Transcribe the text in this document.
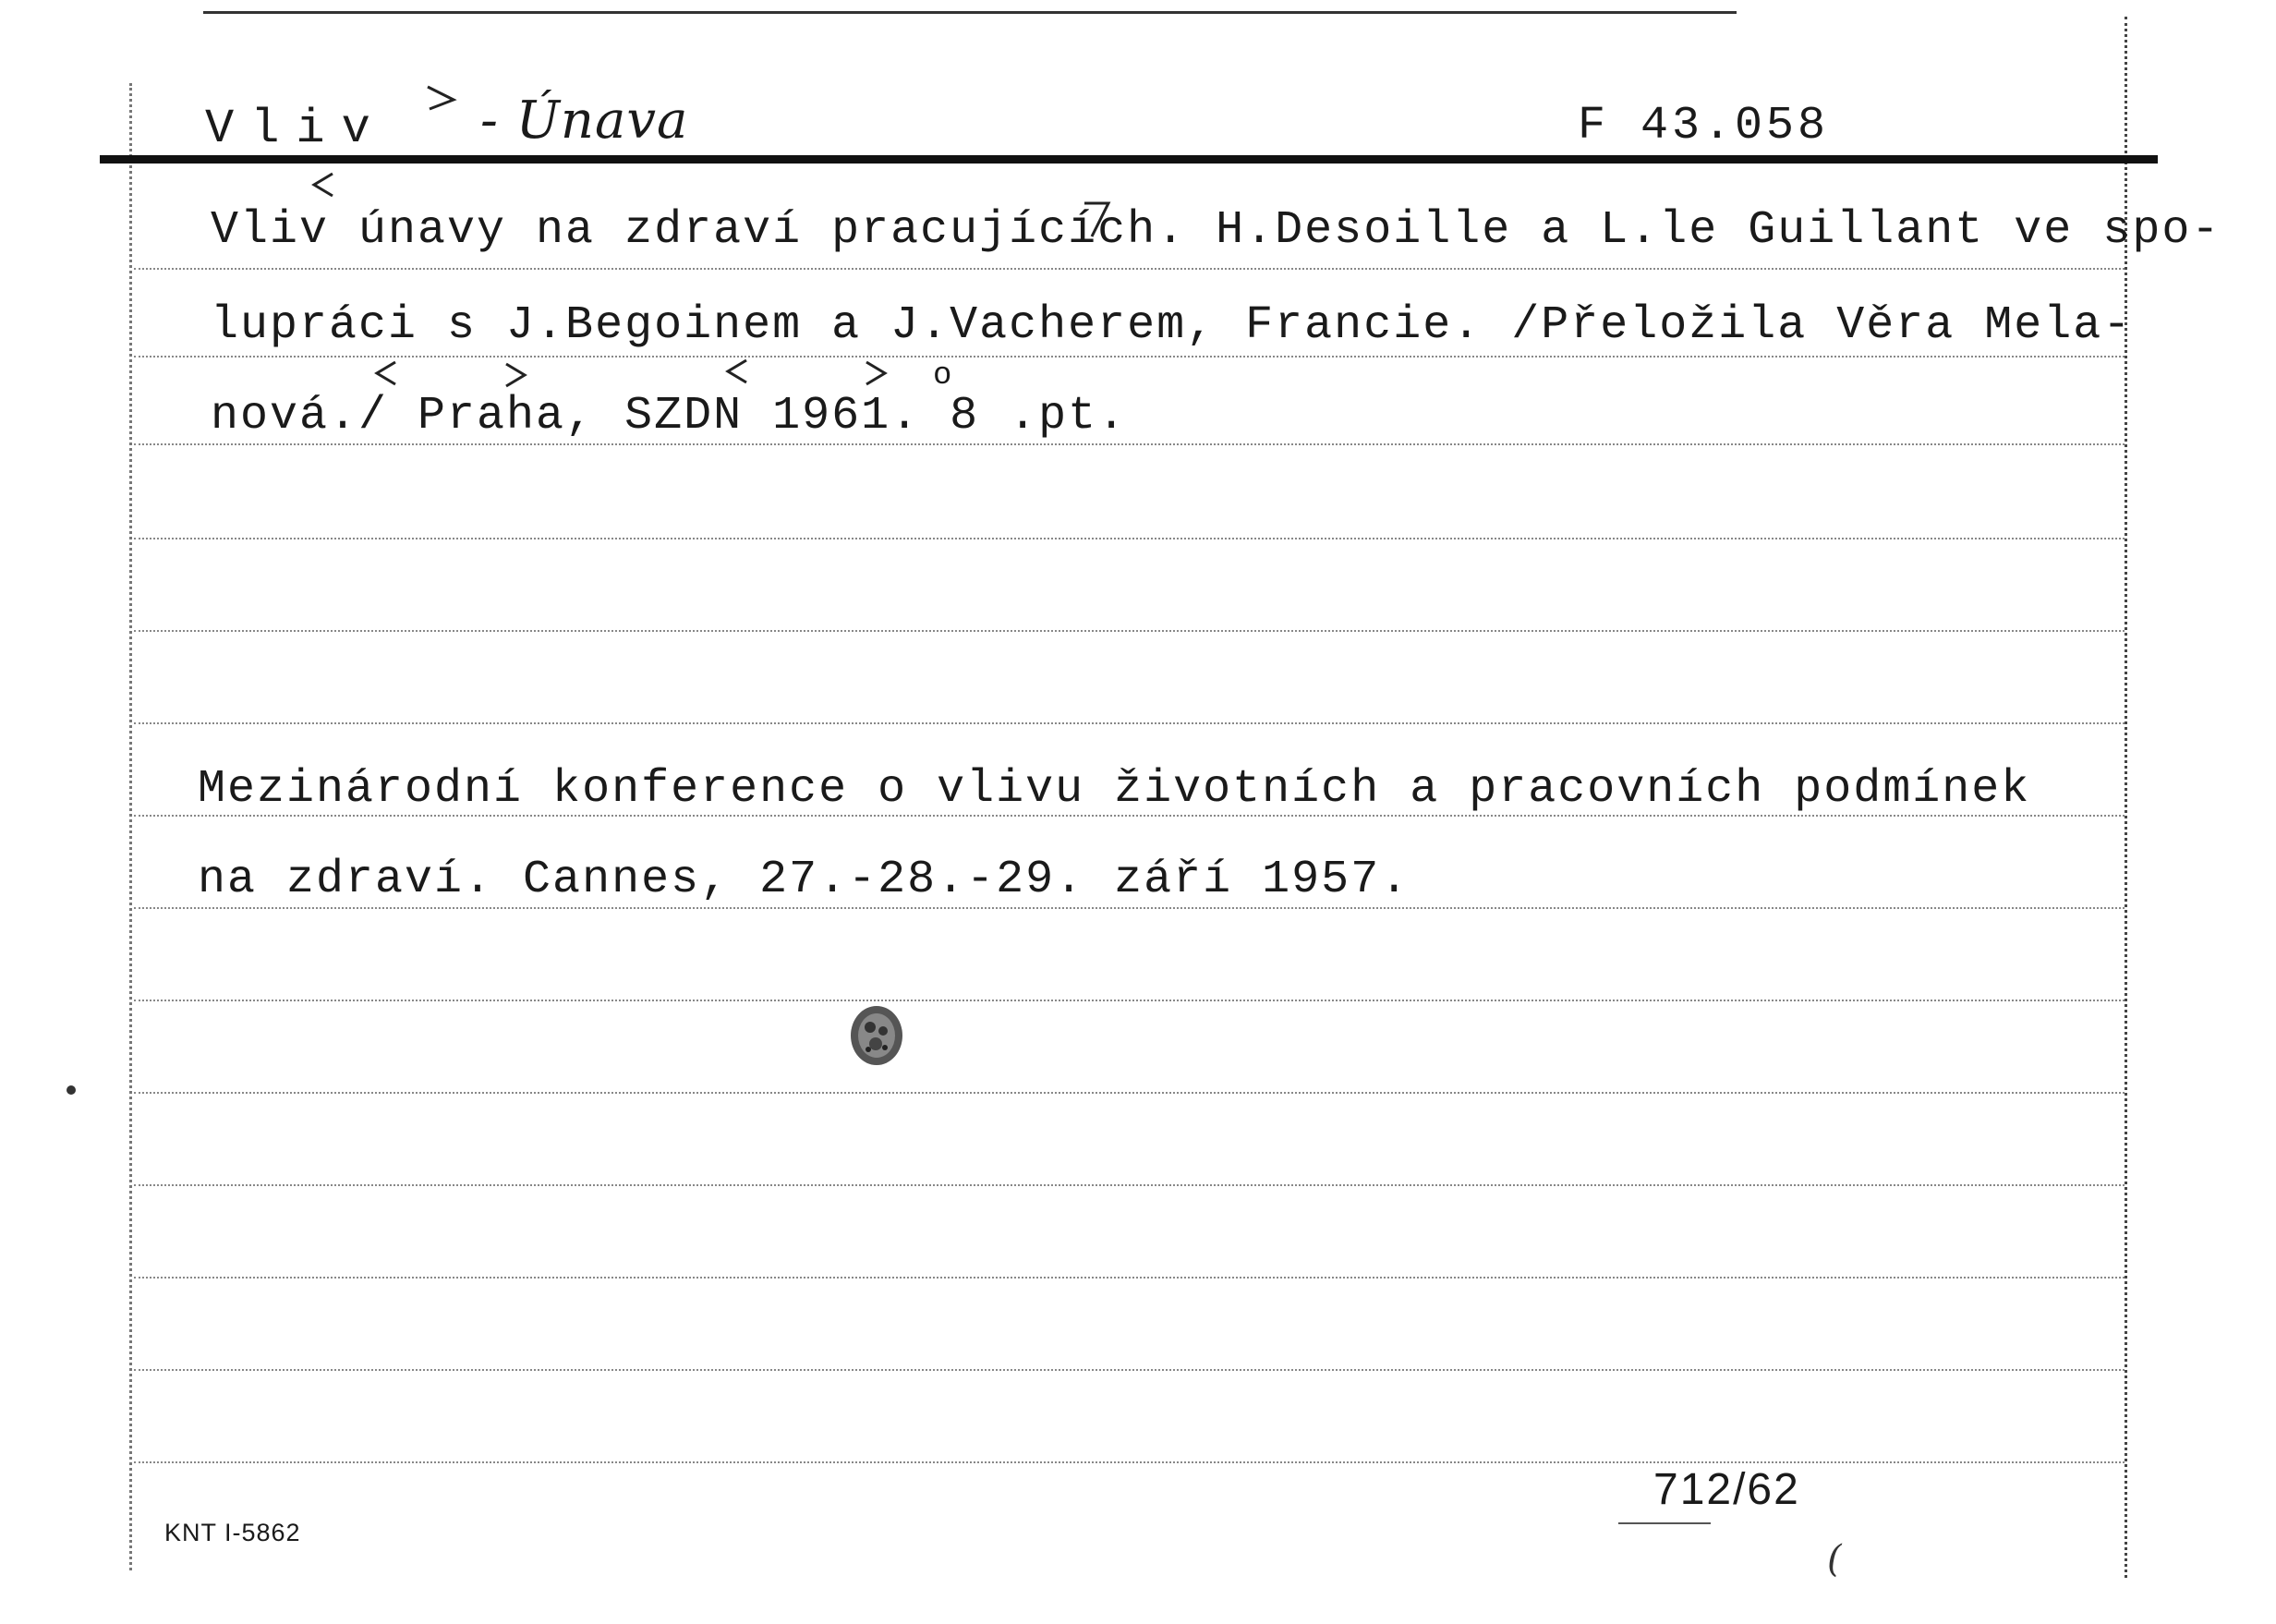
Vliv - Únava	F 43.058
Vliv únavy na zdraví pracujících. H.Desoille a L.le Guillant ve spo-
lupráci s J.Begoinem a J.Vacherem, Francie. /Přeložila Věra Mela-
nová./ Praha, SZDN 1961. 8 .pt.
o
Mezinárodní konference o vlivu životních a pracovních podmínek
na zdraví. Cannes, 27.-28.-29. září 1957.
712/62
(
KNT I-5862
